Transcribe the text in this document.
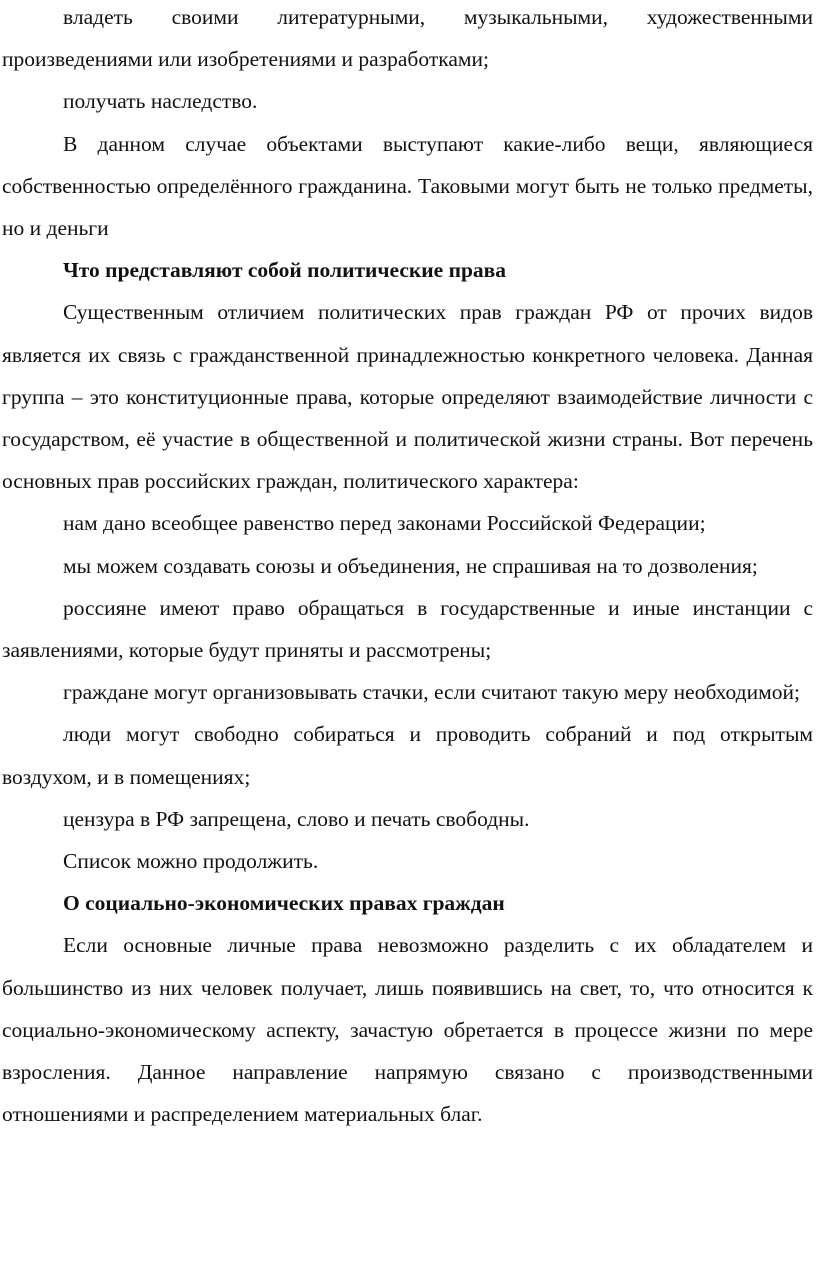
владеть своими литературными, музыкальными, художественными произведениями или изобретениями и разработками;

получать наследство.

В данном случае объектами выступают какие-либо вещи, являющиеся собственностью определённого гражданина. Таковыми могут быть не только предметы, но и деньги

Что представляют собой политические права

Существенным отличием политических прав граждан РФ от прочих видов является их связь с гражданственной принадлежностью конкретного человека. Данная группа – это конституционные права, которые определяют взаимодействие личности с государством, её участие в общественной и политической жизни страны. Вот перечень основных прав российских граждан, политического характера:

нам дано всеобщее равенство перед законами Российской Федерации;

мы можем создавать союзы и объединения, не спрашивая на то дозволения;

россияне имеют право обращаться в государственные и иные инстанции с заявлениями, которые будут приняты и рассмотрены;

граждане могут организовывать стачки, если считают такую меру необходимой;

люди могут свободно собираться и проводить собраний и под открытым воздухом, и в помещениях;

цензура в РФ запрещена, слово и печать свободны.

Список можно продолжить.

О социально-экономических правах граждан

Если основные личные права невозможно разделить с их обладателем и большинство из них человек получает, лишь появившись на свет, то, что относится к социально-экономическому аспекту, зачастую обретается в процессе жизни по мере взросления. Данное направление напрямую связано с производственными отношениями и распределением материальных благ.
